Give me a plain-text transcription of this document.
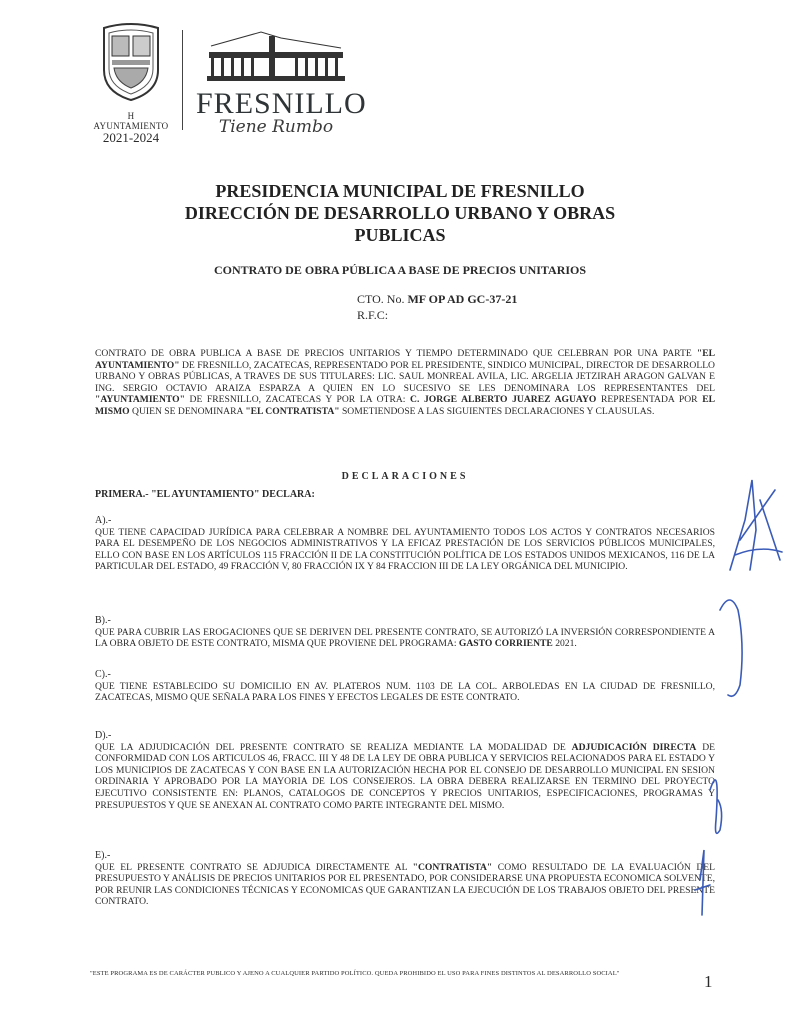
H AYUNTAMIENTO
2021-2024
FRESNILLO
Tiene Rumbo
PRESIDENCIA MUNICIPAL DE FRESNILLO
DIRECCIÓN DE DESARROLLO URBANO Y OBRAS
PUBLICAS
CONTRATO DE OBRA PÚBLICA A BASE DE PRECIOS UNITARIOS
CTO. No. MF OP AD GC-37-21
R.F.C:
CONTRATO DE OBRA PUBLICA A BASE DE PRECIOS UNITARIOS Y TIEMPO DETERMINADO QUE CELEBRAN POR UNA PARTE "EL AYUNTAMIENTO" DE FRESNILLO, ZACATECAS, REPRESENTADO POR EL PRESIDENTE, SINDICO MUNICIPAL, DIRECTOR DE DESARROLLO URBANO Y OBRAS PÚBLICAS, A TRAVES DE SUS TITULARES: LIC. SAUL MONREAL AVILA, LIC. ARGELIA JETZIRAH ARAGON GALVAN E ING. SERGIO OCTAVIO ARAIZA ESPARZA A QUIEN EN LO SUCESIVO SE LES DENOMINARA LOS REPRESENTANTES DEL "AYUNTAMIENTO" DE FRESNILLO, ZACATECAS Y POR LA OTRA: C. JORGE ALBERTO JUAREZ AGUAYO REPRESENTADA POR EL MISMO QUIEN SE DENOMINARA "EL CONTRATISTA" SOMETIENDOSE A LAS SIGUIENTES DECLARACIONES Y CLAUSULAS.
DECLARACIONES
PRIMERA.- "EL AYUNTAMIENTO" DECLARA:
A).-
QUE TIENE CAPACIDAD JURÍDICA PARA CELEBRAR A NOMBRE DEL AYUNTAMIENTO TODOS LOS ACTOS Y CONTRATOS NECESARIOS PARA EL DESEMPEÑO DE LOS NEGOCIOS ADMINISTRATIVOS Y LA EFICAZ PRESTACIÓN DE LOS SERVICIOS PÚBLICOS MUNICIPALES, ELLO CON BASE EN LOS ARTÍCULOS 115 FRACCIÓN II DE LA CONSTITUCIÓN POLÍTICA DE LOS ESTADOS UNIDOS MEXICANOS, 116 DE LA PARTICULAR DEL ESTADO, 49 FRACCIÓN V, 80 FRACCIÓN IX Y 84 FRACCION III DE LA LEY ORGÁNICA DEL MUNICIPIO.
B).-
QUE PARA CUBRIR LAS EROGACIONES QUE SE DERIVEN DEL PRESENTE CONTRATO, SE AUTORIZÓ LA INVERSIÓN CORRESPONDIENTE A LA OBRA OBJETO DE ESTE CONTRATO, MISMA QUE PROVIENE DEL PROGRAMA: GASTO CORRIENTE 2021.
C).-
QUE TIENE ESTABLECIDO SU DOMICILIO EN AV. PLATEROS NUM. 1103 DE LA COL. ARBOLEDAS EN LA CIUDAD DE FRESNILLO, ZACATECAS, MISMO QUE SEÑALA PARA LOS FINES Y EFECTOS LEGALES DE ESTE CONTRATO.
D).-
QUE LA ADJUDICACIÓN DEL PRESENTE CONTRATO SE REALIZA MEDIANTE LA MODALIDAD DE ADJUDICACIÓN DIRECTA DE CONFORMIDAD CON LOS ARTICULOS 46, FRACC. III Y 48 DE LA LEY DE OBRA PUBLICA Y SERVICIOS RELACIONADOS PARA EL ESTADO Y LOS MUNICIPIOS DE ZACATECAS Y CON BASE EN LA AUTORIZACIÓN HECHA POR EL CONSEJO DE DESARROLLO MUNICIPAL EN SESION ORDINARIA Y APROBADO POR LA MAYORIA DE LOS CONSEJEROS. LA OBRA DEBERA REALIZARSE EN TERMINO DEL PROYECTO EJECUTIVO CONSISTENTE EN: PLANOS, CATALOGOS DE CONCEPTOS Y PRECIOS UNITARIOS, ESPECIFICACIONES, PROGRAMAS Y PRESUPUESTOS Y QUE SE ANEXAN AL CONTRATO COMO PARTE INTEGRANTE DEL MISMO.
E).-
QUE EL PRESENTE CONTRATO SE ADJUDICA DIRECTAMENTE AL "CONTRATISTA" COMO RESULTADO DE LA EVALUACIÓN DEL PRESUPUESTO Y ANÁLISIS DE PRECIOS UNITARIOS POR EL PRESENTADO, POR CONSIDERARSE UNA PROPUESTA ECONOMICA SOLVENTE, POR REUNIR LAS CONDICIONES TÉCNICAS Y ECONOMICAS QUE GARANTIZAN LA EJECUCIÓN DE LOS TRABAJOS OBJETO DEL PRESENTE CONTRATO.
"ESTE PROGRAMA ES DE CARÁCTER PUBLICO Y AJENO A CUALQUIER PARTIDO POLÍTICO. QUEDA PROHIBIDO EL USO PARA FINES DISTINTOS AL DESARROLLO SOCIAL"	1
